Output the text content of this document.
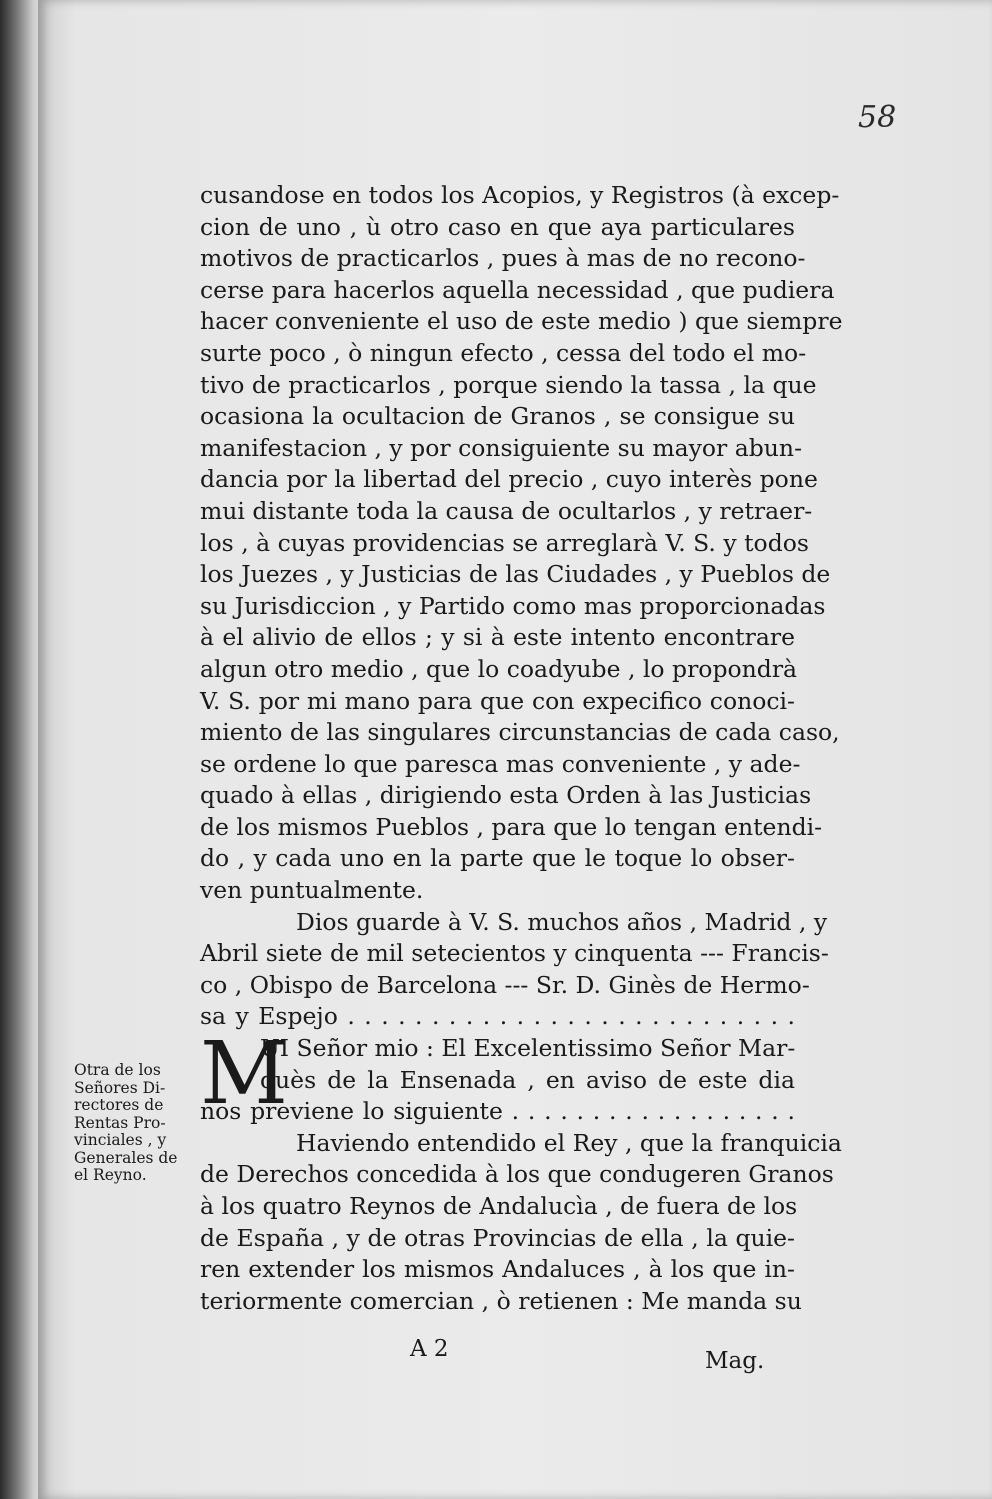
58
cusandose en todos los Acopios, y Registros (à excep-
cion de uno , ù otro caso en que aya particulares
motivos de practicarlos , pues à mas de no recono-
cerse para hacerlos aquella necessidad , que pudiera
hacer conveniente el uso de este medio ) que siempre
surte poco , ò ningun efecto , cessa del todo el mo-
tivo de practicarlos , porque siendo la tassa , la que
ocasiona la ocultacion de Granos , se consigue su
manifestacion , y por consiguiente su mayor abun-
dancia por la libertad del precio , cuyo interès pone
mui distante toda la causa de ocultarlos , y retraer-
los , à cuyas providencias se arreglarà V. S. y todos
los Juezes , y Justicias de las Ciudades , y Pueblos de
su Jurisdiccion , y Partido como mas proporcionadas
à el alivio de ellos ; y si à este intento encontrare
algun otro medio , que lo coadyube , lo propondrà
V. S. por mi mano para que con expecifico conoci-
miento de las singulares circunstancias de cada caso,
se ordene lo que paresca mas conveniente , y ade-
quado à ellas , dirigiendo esta Orden à las Justicias
de los mismos Pueblos , para que lo tengan entendi-
do , y cada uno en la parte que le toque lo obser-
ven puntualmente.
Dios guarde à V. S. muchos años , Madrid , y
Abril siete de mil setecientos y cinquenta --- Francis-
co , Obispo de Barcelona --- Sr. D. Ginès de Hermo-
sa y Espejo . . . . . . . . . . . . . . . . . . . . . . . . . . .
M
UI Señor mio : El Excelentissimo Señor Mar-
quès de la Ensenada , en aviso de este dia
nos previene lo siguiente . . . . . . . . . . . . . . . . . .
Haviendo entendido el Rey , que la franquicia
de Derechos concedida à los que condugeren Granos
à los quatro Reynos de Andalucìa , de fuera de los
de España , y de otras Provincias de ella , la quie-
ren extender los mismos Andaluces , à los que in-
teriormente comercian , ò retienen : Me manda su
Otra de los
Señores Di-
rectores de
Rentas Pro-
vinciales , y
Generales de
el Reyno.
A 2	Mag.
